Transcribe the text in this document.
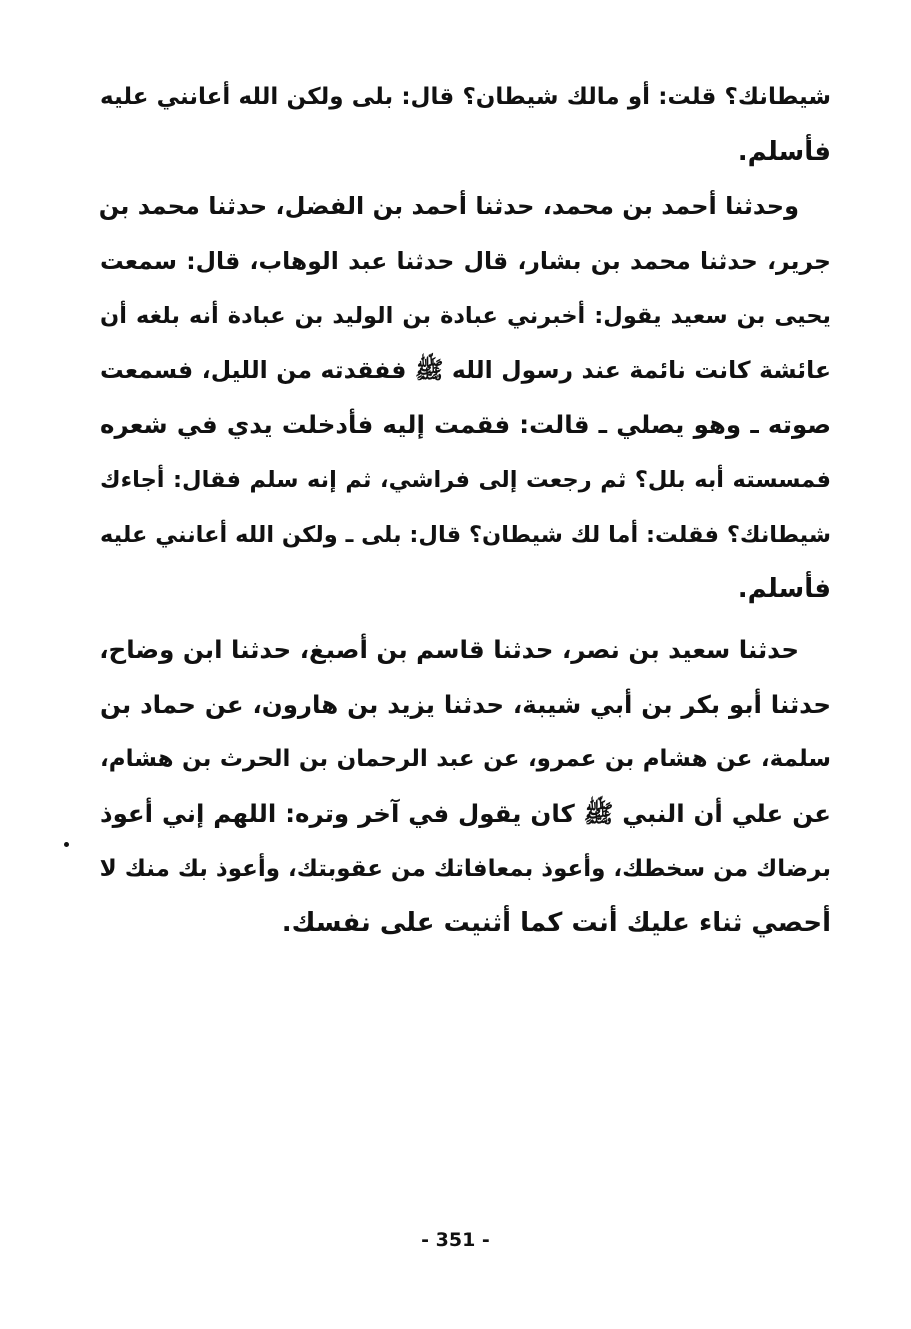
شيطانك؟ قلت: أو مالك شيطان؟ قال: بلى ولكن الله أعانني عليه
فأسلم.
وحدثنا أحمد بن محمد، حدثنا أحمد بن الفضل، حدثنا محمد بن
جرير، حدثنا محمد بن بشار، قال حدثنا عبد الوهاب، قال: سمعت
يحيى بن سعيد يقول: أخبرني عبادة بن الوليد بن عبادة أنه بلغه أن
عائشة كانت نائمة عند رسول الله ﷺ ففقدته من الليل، فسمعت
صوته ـ وهو يصلي ـ قالت: فقمت إليه فأدخلت يدي في شعره
فمسسته أبه بلل؟ ثم رجعت إلى فراشي، ثم إنه سلم فقال: أجاءك
شيطانك؟ فقلت: أما لك شيطان؟ قال: بلى ـ ولكن الله أعانني عليه
فأسلم.
حدثنا سعيد بن نصر، حدثنا قاسم بن أصبغ، حدثنا ابن وضاح،
حدثنا أبو بكر بن أبي شيبة، حدثنا يزيد بن هارون، عن حماد بن
سلمة، عن هشام بن عمرو، عن عبد الرحمان بن الحرث بن هشام،
عن علي أن النبي ﷺ كان يقول في آخر وتره: اللهم إني أعوذ
برضاك من سخطك، وأعوذ بمعافاتك من عقوبتك، وأعوذ بك منك لا
أحصي ثناء عليك أنت كما أثنيت على نفسك.
- 351 -
